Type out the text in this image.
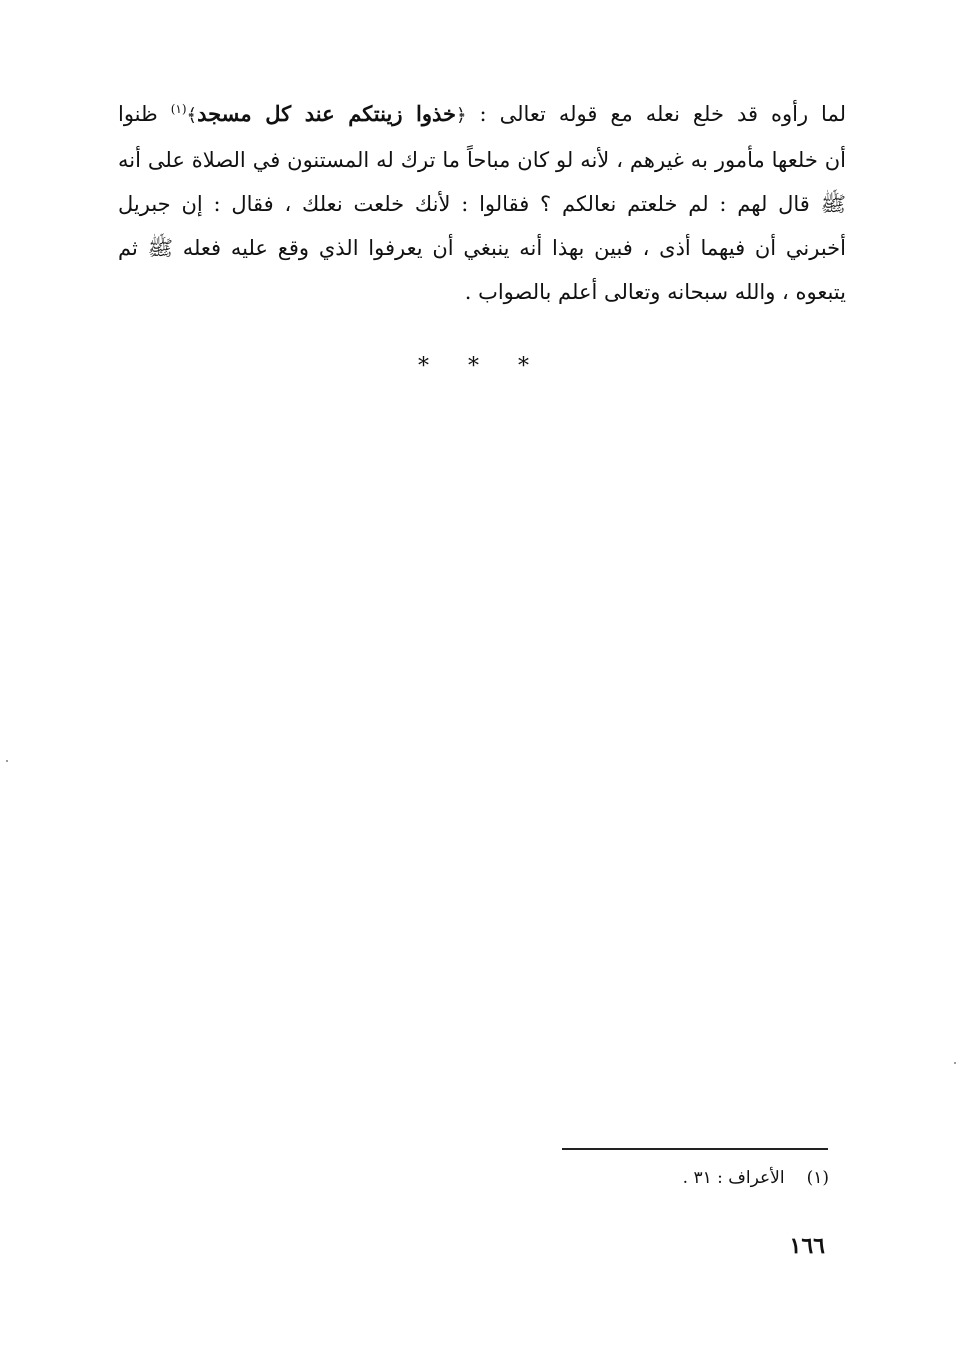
لما رأوه قد خلع نعله مع قوله تعالى : ﴿خذوا زينتكم عند كل مسجد﴾$^{(١)}$ ظنوا
أن خلعها مأمور به غيرهم ، لأنه لو كان مباحاً ما ترك له المستنون في الصلاة على أنه
ﷺ قال لهم : لم خلعتم نعالكم ؟ فقالوا : لأنك خلعت نعلك ، فقال : إن جبريل
أخبرني أن فيهما أذى ، فبين بهذا أنه ينبغي أن يعرفوا الذي وقع عليه فعله ﷺ ثم
يتبعوه ، والله سبحانه وتعالى أعلم بالصواب .

* * *

(١)الأعراف : ٣١ .

١٦٦
